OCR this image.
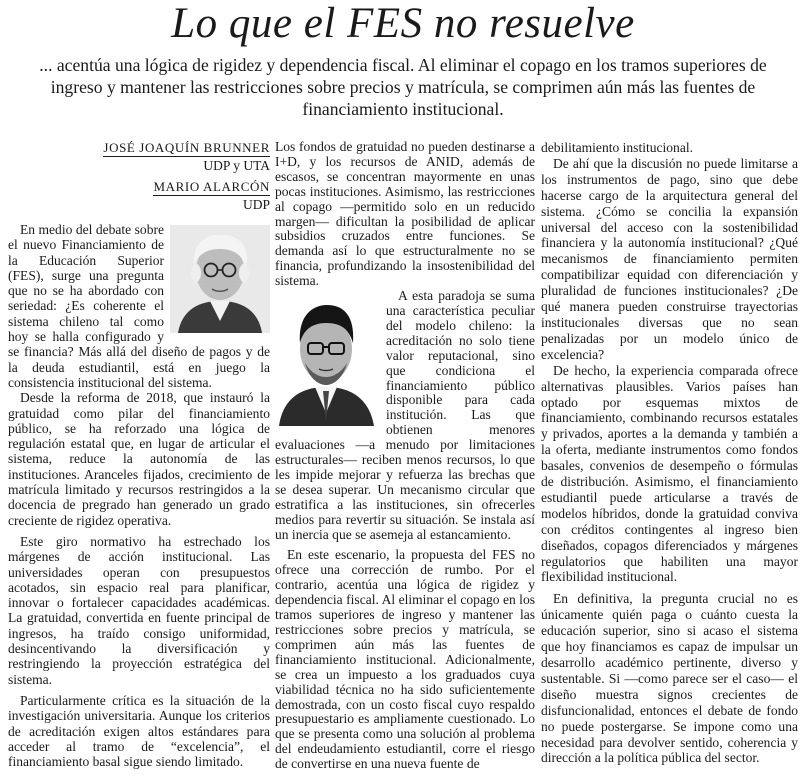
Lo que el FES no resuelve

... acentúa una lógica de rigidez y dependencia fiscal. Al eliminar el copago en los tramos superiores de ingreso y mantener las restricciones sobre precios y matrícula, se comprimen aún más las fuentes de financiamiento institucional.

JOSÉ JOAQUÍN BRUNNER
UDP y UTA
MARIO ALARCÓN
UDP

En medio del debate sobre el nuevo Financiamiento de la Educación Superior (FES), surge una pregunta que no se ha abordado con seriedad: ¿Es coherente el sistema chileno tal como hoy se halla configurado y se financia? Más allá del diseño de pagos y de la deuda estudiantil, está en juego la consistencia institucional del sistema.

Desde la reforma de 2018, que instauró la gratuidad como pilar del financiamiento público, se ha reforzado una lógica de regulación estatal que, en lugar de articular el sistema, reduce la autonomía de las instituciones. Aranceles fijados, crecimiento de matrícula limitado y recursos restringidos a la docencia de pregrado han generado un grado creciente de rigidez operativa.

Este giro normativo ha estrechado los márgenes de acción institucional. Las universidades operan con presupuestos acotados, sin espacio real para planificar, innovar o fortalecer capacidades académicas. La gratuidad, convertida en fuente principal de ingresos, ha traído consigo uniformidad, desincentivando la diversificación y restringiendo la proyección estratégica del sistema.

Particularmente crítica es la situación de la investigación universitaria. Aunque los criterios de acreditación exigen altos estándares para acceder al tramo de “excelencia”, el financiamiento basal sigue siendo limitado.

Los fondos de gratuidad no pueden destinarse a I+D, y los recursos de ANID, además de escasos, se concentran mayormente en unas pocas instituciones. Asimismo, las restricciones al copago —permitido solo en un reducido margen— dificultan la posibilidad de aplicar subsidios cruzados entre funciones. Se demanda así lo que estructuralmente no se financia, profundizando la insostenibilidad del sistema.

A esta paradoja se suma una característica peculiar del modelo chileno: la acreditación no solo tiene valor reputacional, sino que condiciona el financiamiento público disponible para cada institución. Las que obtienen menores evaluaciones —a menudo por limitaciones estructurales— reciben menos recursos, lo que les impide mejorar y refuerza las brechas que se desea superar. Un mecanismo circular que estratifica a las instituciones, sin ofrecerles medios para revertir su situación. Se instala así un inercia que se asemeja al estancamiento.

En este escenario, la propuesta del FES no ofrece una corrección de rumbo. Por el contrario, acentúa una lógica de rigidez y dependencia fiscal. Al eliminar el copago en los tramos superiores de ingreso y mantener las restricciones sobre precios y matrícula, se comprimen aún más las fuentes de financiamiento institucional. Adicionalmente, se crea un impuesto a los graduados cuya viabilidad técnica no ha sido suficientemente demostrada, con un costo fiscal cuyo respaldo presupuestario es ampliamente cuestionado. Lo que se presenta como una solución al problema del endeudamiento estudiantil, corre el riesgo de convertirse en una nueva fuente de

debilitamiento institucional.

De ahí que la discusión no puede limitarse a los instrumentos de pago, sino que debe hacerse cargo de la arquitectura general del sistema. ¿Cómo se concilia la expansión universal del acceso con la sostenibilidad financiera y la autonomía institucional? ¿Qué mecanismos de financiamiento permiten compatibilizar equidad con diferenciación y pluralidad de funciones institucionales? ¿De qué manera pueden construirse trayectorias institucionales diversas que no sean penalizadas por un modelo único de excelencia?

De hecho, la experiencia comparada ofrece alternativas plausibles. Varios países han optado por esquemas mixtos de financiamiento, combinando recursos estatales y privados, aportes a la demanda y también a la oferta, mediante instrumentos como fondos basales, convenios de desempeño o fórmulas de distribución. Asimismo, el financiamiento estudiantil puede articularse a través de modelos híbridos, donde la gratuidad conviva con créditos contingentes al ingreso bien diseñados, copagos diferenciados y márgenes regulatorios que habiliten una mayor flexibilidad institucional.

En definitiva, la pregunta crucial no es únicamente quién paga o cuánto cuesta la educación superior, sino si acaso el sistema que hoy financiamos es capaz de impulsar un desarrollo académico pertinente, diverso y sustentable. Si —como parece ser el caso— el diseño muestra signos crecientes de disfuncionalidad, entonces el debate de fondo no puede postergarse. Se impone como una necesidad para devolver sentido, coherencia y dirección a la política pública del sector.
